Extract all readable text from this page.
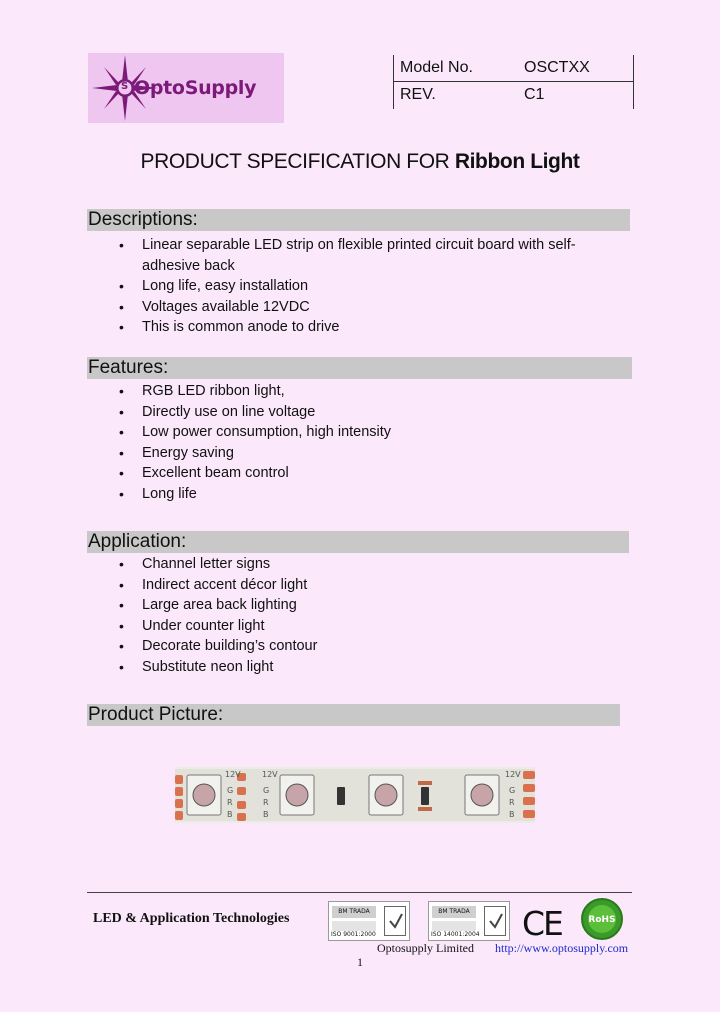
S OptoSupply
Model No.	OSCTXX
REV.	C1
PRODUCT SPECIFICATION FOR Ribbon Light
Descriptions:
• Linear separable LED strip on flexible printed circuit board with self-
adhesive back
• Long life, easy installation
• Voltages available 12VDC
• This is common anode to drive
Features:
• RGB LED ribbon light,
• Directly use on line voltage
• Low power consumption, high intensity
• Energy saving
• Excellent beam control
• Long life
Application:
• Channel letter signs
• Indirect accent décor light
• Large area back lighting
• Under counter light
• Decorate building’s contour
• Substitute neon light
Product Picture:
12V
G
R
B
12V
G
R
B
12V
G
R
B
LED & Application Technologies	BM TRADA
ISO 9001:2000
BM TRADA
ISO 14001:2004 CE	RoHS
Optosupply Limited http://www.optosupply.com
1
